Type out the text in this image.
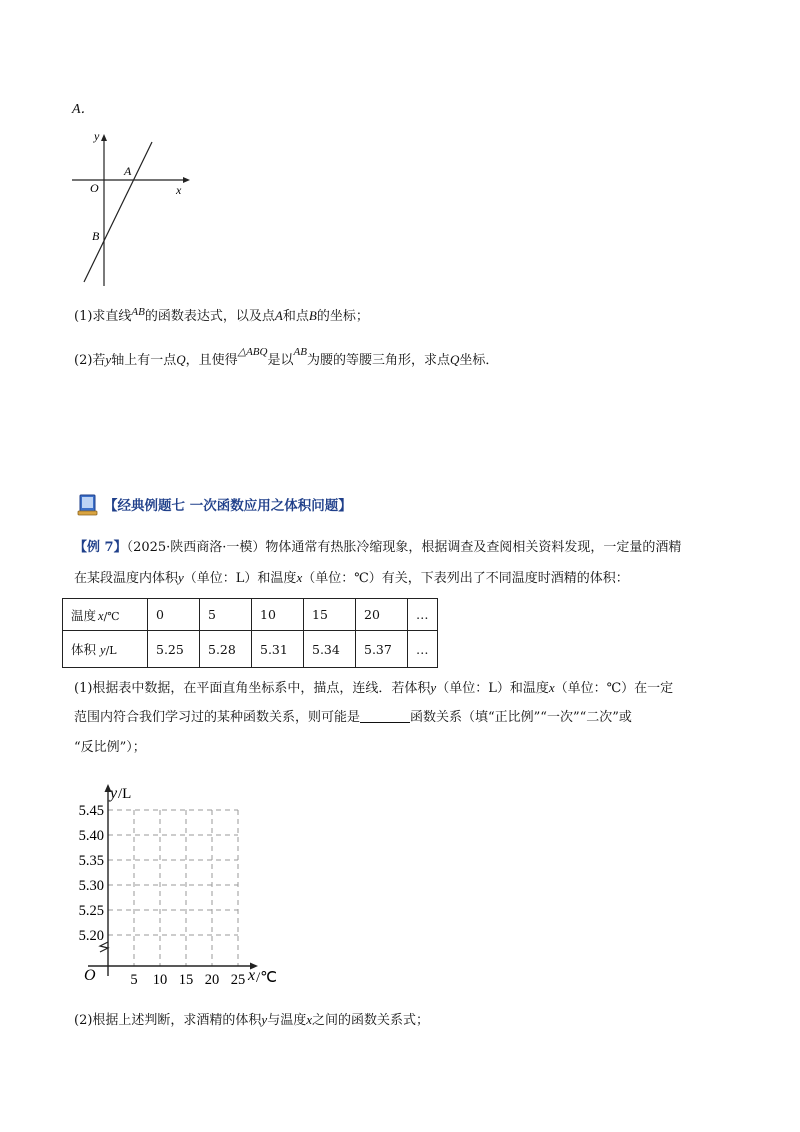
A．
y
x
O
A
B
(1)求直线$^{AB}$的函数表达式，以及点A和点B的坐标；
(2)若y轴上有一点Q，且使得$^{\triangle ABQ}$是以$^{AB}$为腰的等腰三角形，求点Q坐标．
【经典例题七 一次函数应用之体积问题】
【例 7】（2025·陕西商洛·一模）物体通常有热胀冷缩现象，根据调查及查阅相关资料发现，一定量的酒精
在某段温度内体积y（单位：L）和温度x（单位：℃）有关，下表列出了不同温度时酒精的体积：
温度 x/℃	0	5	10	15	20	…
体积 y/L	5.25	5.28	5.31	5.34	5.37	…
(1)根据表中数据，在平面直角坐标系中，描点，连线．若体积y（单位：L）和温度x（单位：℃）在一定
范围内符合我们学习过的某种函数关系，则可能是	函数关系（填“正比例”“一次”“二次”或
“反比例”）；
y /L
x /℃
O
5.45
5.40
5.35
5.30
5.25
5.20
5 10 15 20 25
(2)根据上述判断，求酒精的体积y与温度x之间的函数关系式；
